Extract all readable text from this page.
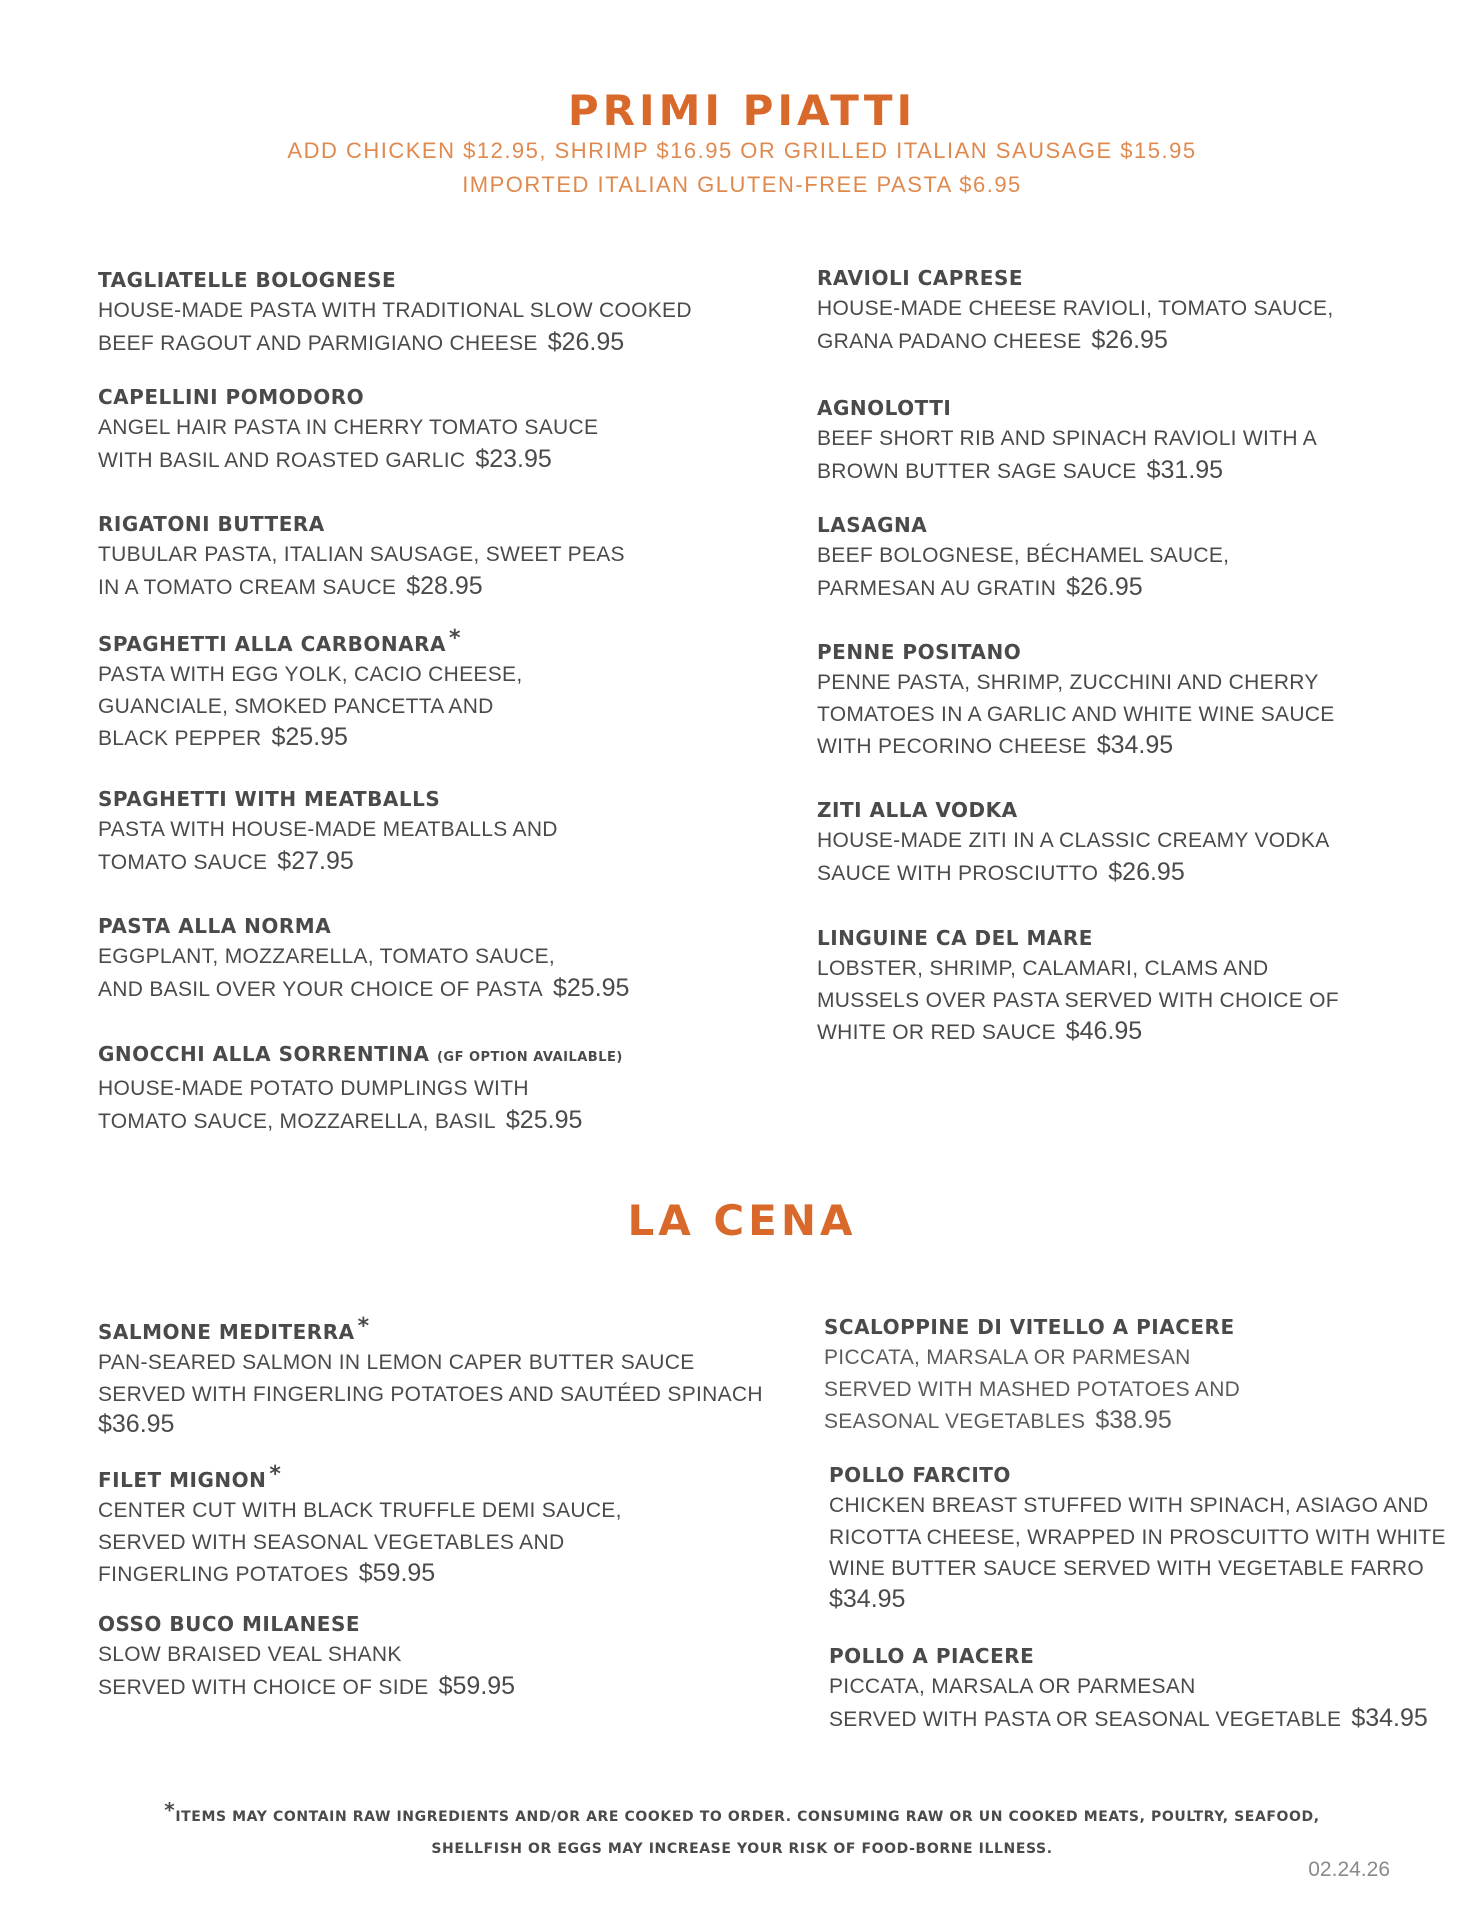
PRIMI PIATTI

ADD CHICKEN $12.95, SHRIMP $16.95 OR GRILLED ITALIAN SAUSAGE $15.95

IMPORTED ITALIAN GLUTEN-FREE PASTA $6.95

TAGLIATELLE BOLOGNESE
HOUSE-MADE PASTA WITH TRADITIONAL SLOW COOKED
BEEF RAGOUT AND PARMIGIANO CHEESE $26.95
CAPELLINI POMODORO
ANGEL HAIR PASTA IN CHERRY TOMATO SAUCE
WITH BASIL AND ROASTED GARLIC $23.95
RIGATONI BUTTERA
TUBULAR PASTA, ITALIAN SAUSAGE, SWEET PEAS
IN A TOMATO CREAM SAUCE $28.95
SPAGHETTI ALLA CARBONARA *
PASTA WITH EGG YOLK, CACIO CHEESE,
GUANCIALE, SMOKED PANCETTA AND
BLACK PEPPER $25.95
SPAGHETTI WITH MEATBALLS
PASTA WITH HOUSE-MADE MEATBALLS AND
TOMATO SAUCE $27.95
PASTA ALLA NORMA
EGGPLANT, MOZZARELLA, TOMATO SAUCE,
AND BASIL OVER YOUR CHOICE OF PASTA $25.95
GNOCCHI ALLA SORRENTINA (GF OPTION AVAILABLE)
HOUSE-MADE POTATO DUMPLINGS WITH
TOMATO SAUCE, MOZZARELLA, BASIL $25.95
RAVIOLI CAPRESE
HOUSE-MADE CHEESE RAVIOLI, TOMATO SAUCE,
GRANA PADANO CHEESE $26.95
AGNOLOTTI
BEEF SHORT RIB AND SPINACH RAVIOLI WITH A
BROWN BUTTER SAGE SAUCE $31.95
LASAGNA
BEEF BOLOGNESE, BÉCHAMEL SAUCE,
PARMESAN AU GRATIN $26.95
PENNE POSITANO
PENNE PASTA, SHRIMP, ZUCCHINI AND CHERRY
TOMATOES IN A GARLIC AND WHITE WINE SAUCE
WITH PECORINO CHEESE $34.95
ZITI ALLA VODKA
HOUSE-MADE ZITI IN A CLASSIC CREAMY VODKA
SAUCE WITH PROSCIUTTO $26.95
LINGUINE CA DEL MARE
LOBSTER, SHRIMP, CALAMARI, CLAMS AND
MUSSELS OVER PASTA SERVED WITH CHOICE OF
WHITE OR RED SAUCE $46.95
LA CENA
SALMONE MEDITERRA *
PAN-SEARED SALMON IN LEMON CAPER BUTTER SAUCE
SERVED WITH FINGERLING POTATOES AND SAUTÉED SPINACH
$36.95
FILET MIGNON *
CENTER CUT WITH BLACK TRUFFLE DEMI SAUCE,
SERVED WITH SEASONAL VEGETABLES AND
FINGERLING POTATOES $59.95
OSSO BUCO MILANESE
SLOW BRAISED VEAL SHANK
SERVED WITH CHOICE OF SIDE $59.95
SCALOPPINE DI VITELLO A PIACERE
PICCATA, MARSALA OR PARMESAN
SERVED WITH MASHED POTATOES AND
SEASONAL VEGETABLES $38.95
POLLO FARCITO
CHICKEN BREAST STUFFED WITH SPINACH, ASIAGO AND
RICOTTA CHEESE, WRAPPED IN PROSCUITTO WITH WHITE
WINE BUTTER SAUCE SERVED WITH VEGETABLE FARRO
$34.95
POLLO A PIACERE
PICCATA, MARSALA OR PARMESAN
SERVED WITH PASTA OR SEASONAL VEGETABLE $34.95
*ITEMS MAY CONTAIN RAW INGREDIENTS AND/OR ARE COOKED TO ORDER. CONSUMING RAW OR UN COOKED MEATS, POULTRY, SEAFOOD,
SHELLFISH OR EGGS MAY INCREASE YOUR RISK OF FOOD-BORNE ILLNESS.
02.24.26
